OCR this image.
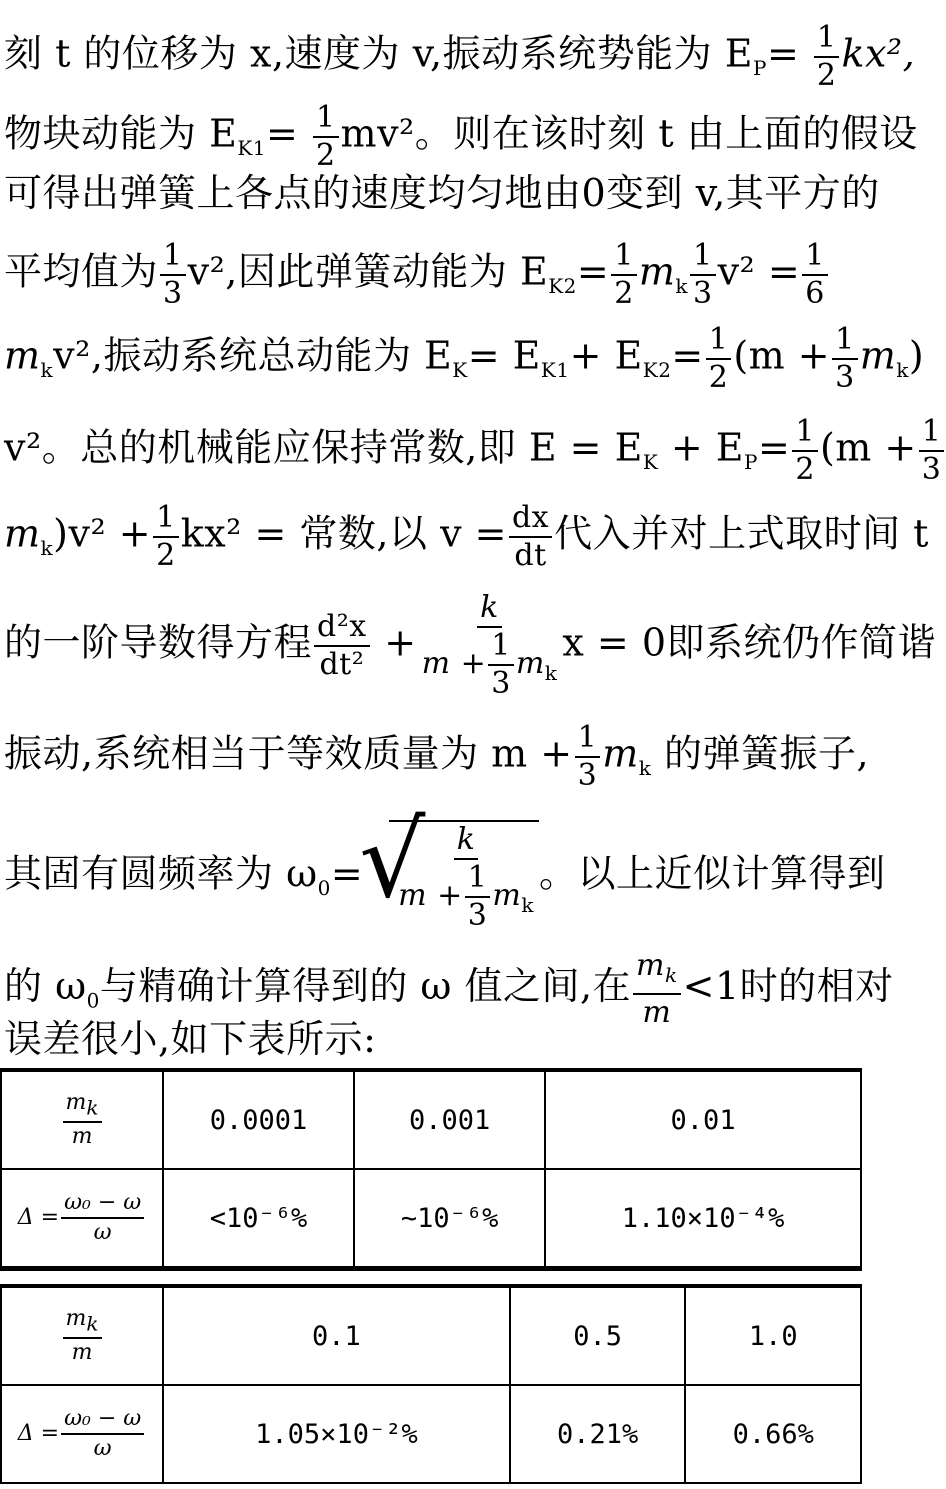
刻 t 的位移为 x,速度为 v,振动系统势能为 $E_P= \frac{1}{2} kx^2$,
物块动能为 $E_{K1}= \frac{1}{2} mv^2$。则在该时刻 t 由上面的假设
可得出弹簧上各点的速度均匀地由0变到 v,其平方的
平均值为 $\frac{1}{3} v^2$,因此弹簧动能为 $E_{K2}= \frac{1}{2} m_k \frac{1}{3} v^2 = \frac{1}{6}$
$m_kv^2$,振动系统总动能为 $E_K= E_{K1}+ E_{K2}= \frac{1}{2} (m + \frac{1}{3} m_k)$
v²。总的机械能应保持常数,即 $E = E_K + E_P= \frac{1}{2} (m + \frac{1}{3}$
$m_k)v^2 + \frac{1}{2} kx^2$ = 常数,以 $v = \frac{dx}{dt}$ 代入并对上式取时间 t
的一阶导数得方程 $\frac{\text{d²x}}{\text{dt²}} + \frac{k}{m + \frac{1}{3} m_k}$ x = 0即系统仍作简谐
振动,系统相当于等效质量为 $m + \frac{1}{3} m_k$ 的弹簧振子,
其固有圆频率为 $\omega_0=$ √ $\frac{k}{m + \frac{1}{3} m_k}$ 。以上近似计算得到
的 $\omega_0$与精确计算得到的 ω 值之间,在 $\frac{m_k}{m} <1$时的相对
误差很小,如下表所示:
$\frac{m_k}{m}$	0.0001	0.001	0.01
$\Delta = \frac{\text{ω₀ − ω}}{\omega}$	<10⁻⁶%	~10⁻⁶%	1.10×10⁻⁴%
$\frac{m_k}{m}$	0.1	0.5	1.0
$\Delta = \frac{\text{ω₀ − ω}}{\omega}$	1.05×10⁻²%	0.21%	0.66%
